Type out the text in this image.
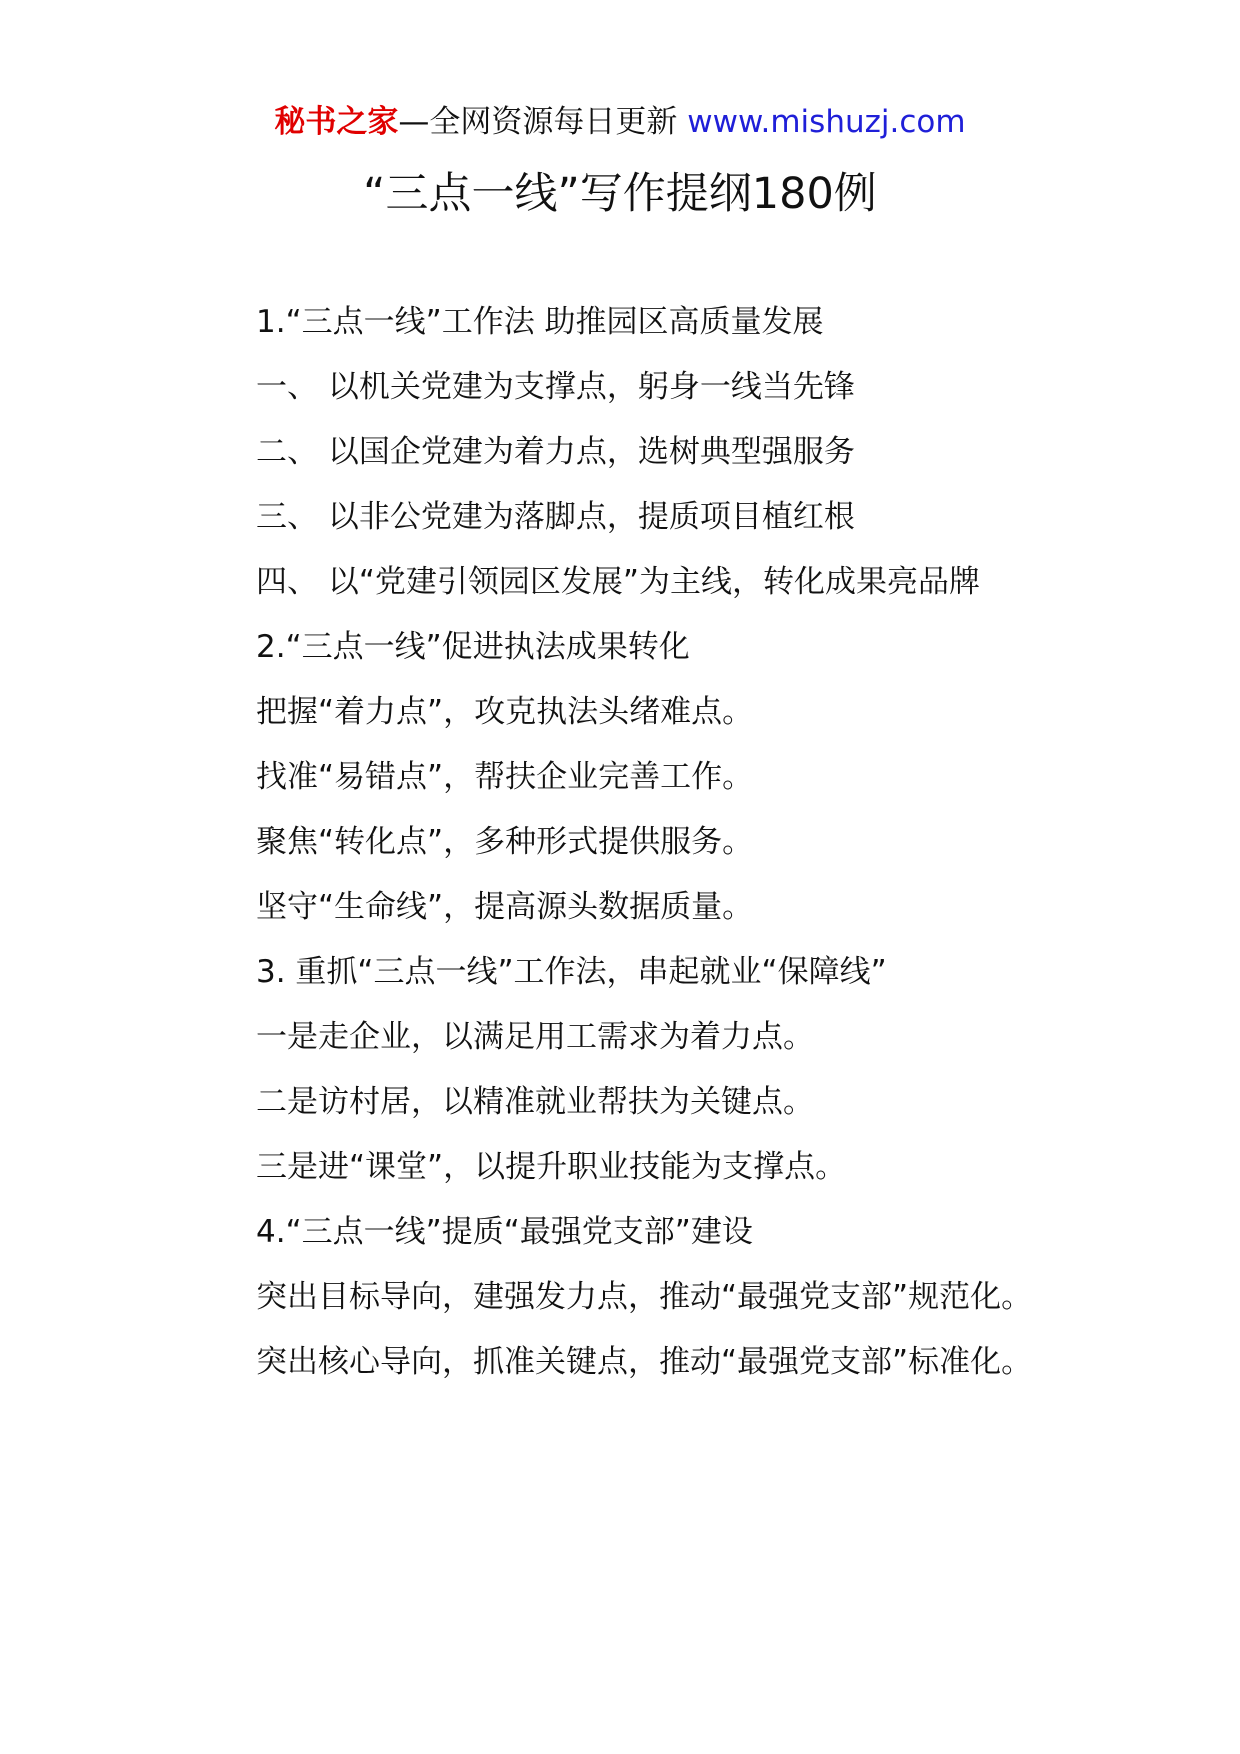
秘书之家—全网资源每日更新 www.mishuzj.com
“三点一线”写作提纲180例

1.“三点一线”工作法 助推园区高质量发展

一、 以机关党建为支撑点，躬身一线当先锋

二、 以国企党建为着力点，选树典型强服务

三、 以非公党建为落脚点，提质项目植红根

四、 以“党建引领园区发展”为主线，转化成果亮品牌

2.“三点一线”促进执法成果转化

把握“着力点”，攻克执法头绪难点。

找准“易错点”，帮扶企业完善工作。

聚焦“转化点”，多种形式提供服务。

坚守“生命线”，提高源头数据质量。

3. 重抓“三点一线”工作法，串起就业“保障线”

一是走企业，以满足用工需求为着力点。

二是访村居，以精准就业帮扶为关键点。

三是进“课堂”，以提升职业技能为支撑点。

4.“三点一线”提质“最强党支部”建设

突出目标导向，建强发力点，推动“最强党支部”规范化。

突出核心导向，抓准关键点，推动“最强党支部”标准化。
